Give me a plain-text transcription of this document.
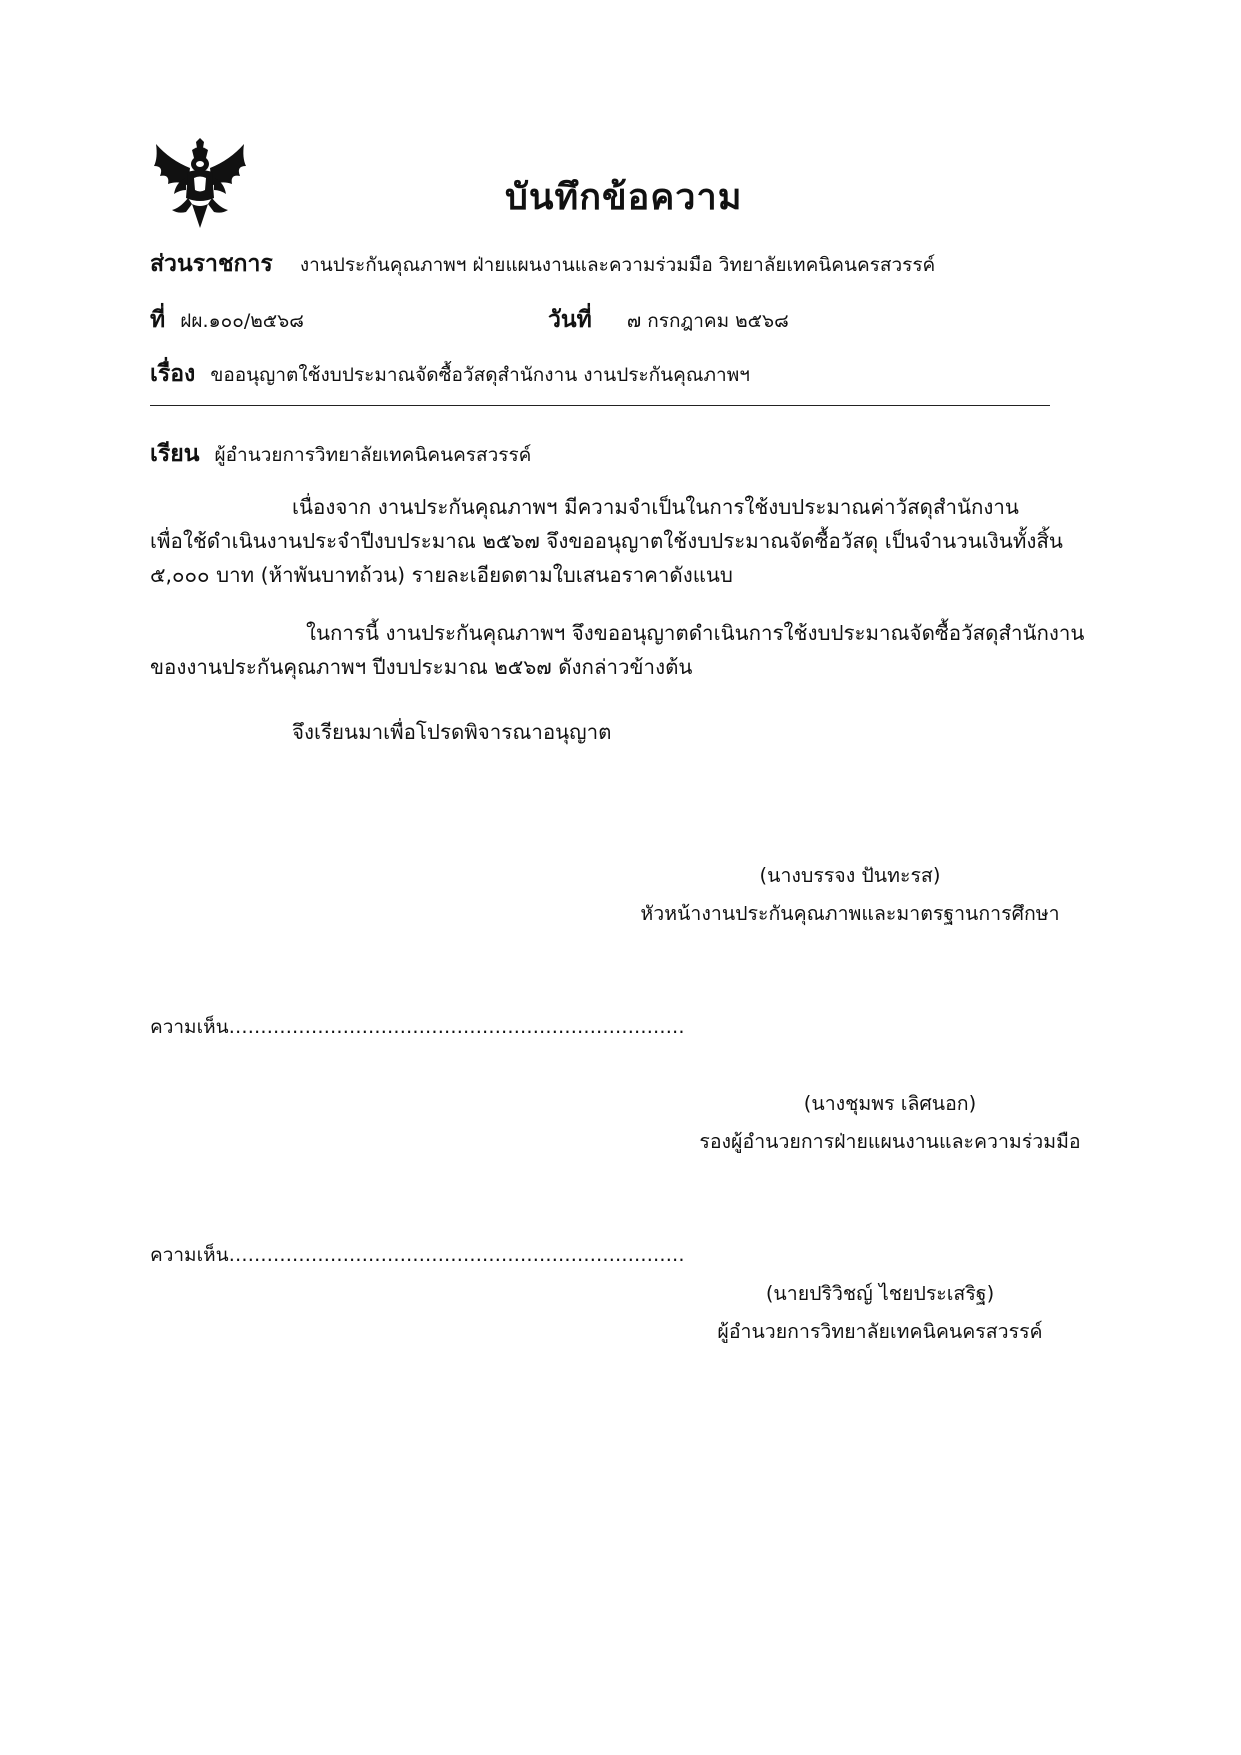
บันทึกข้อความ
ส่วนราชการ งานประกันคุณภาพฯ ฝ่ายแผนงานและความร่วมมือ วิทยาลัยเทคนิคนครสวรรค์
ที่ ฝผ.๑๐๐/๒๕๖๘	วันที่ ๗ กรกฎาคม ๒๕๖๘
เรื่อง ขออนุญาตใช้งบประมาณจัดซื้อวัสดุสำนักงาน งานประกันคุณภาพฯ
เรียน ผู้อำนวยการวิทยาลัยเทคนิคนครสวรรค์
เนื่องจาก งานประกันคุณภาพฯ มีความจำเป็นในการใช้งบประมาณค่าวัสดุสำนักงาน
เพื่อใช้ดำเนินงานประจำปีงบประมาณ ๒๕๖๗ จึงขออนุญาตใช้งบประมาณจัดซื้อวัสดุ เป็นจำนวนเงินทั้งสิ้น
๕,๐๐๐ บาท (ห้าพันบาทถ้วน) รายละเอียดตามใบเสนอราคาดังแนบ
ในการนี้ งานประกันคุณภาพฯ จึงขออนุญาตดำเนินการใช้งบประมาณจัดซื้อวัสดุสำนักงาน
ของงานประกันคุณภาพฯ ปีงบประมาณ ๒๕๖๗ ดังกล่าวข้างต้น
จึงเรียนมาเพื่อโปรดพิจารณาอนุญาต
(นางบรรจง ปันทะรส)
หัวหน้างานประกันคุณภาพและมาตรฐานการศึกษา
ความเห็น………………………………………………………………
(นางชุมพร เลิศนอก)
รองผู้อำนวยการฝ่ายแผนงานและความร่วมมือ
ความเห็น………………………………………………………………
(นายปริวิชญ์ ไชยประเสริฐ)
ผู้อำนวยการวิทยาลัยเทคนิคนครสวรรค์
